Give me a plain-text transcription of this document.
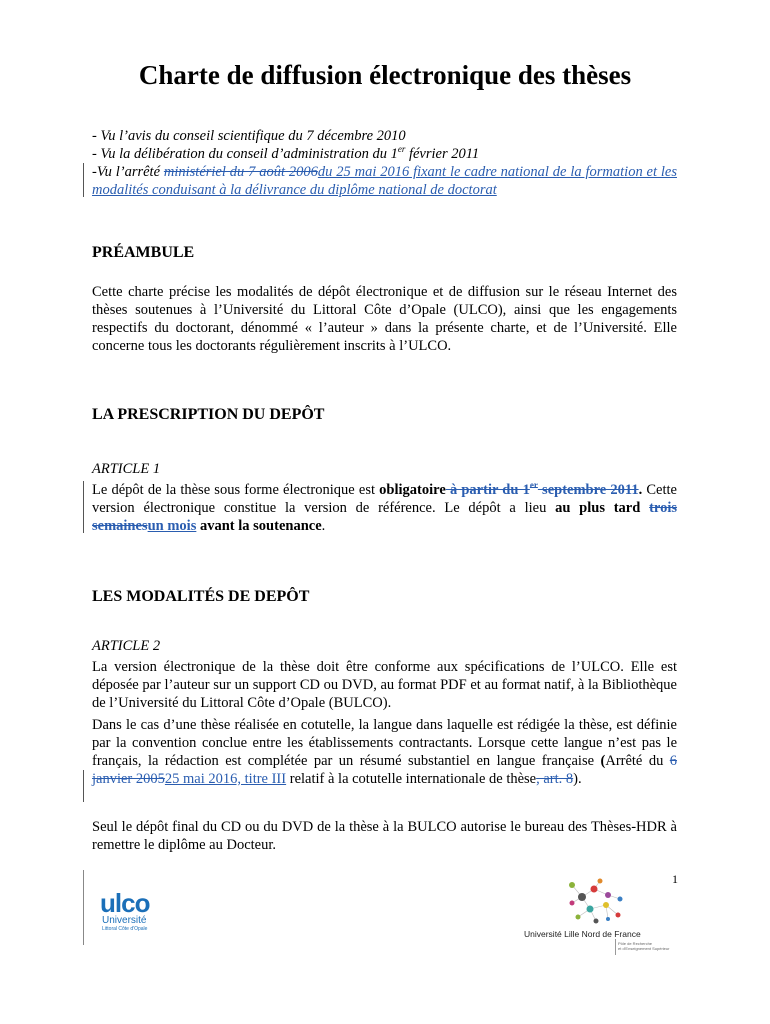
Charte de diffusion électronique des thèses

- Vu l’avis du conseil scientifique du 7 décembre 2010

- Vu la délibération du conseil d’administration du 1er février 2011

-Vu l’arrêté ministériel du 7 août 2006du 25 mai 2016 fixant le cadre national de la formation et les modalités conduisant à la délivrance du diplôme national de doctorat

PRÉAMBULE
Cette charte précise les modalités de dépôt électronique et de diffusion sur le réseau Internet des thèses soutenues à l’Université du Littoral Côte d’Opale (ULCO), ainsi que les engagements respectifs du doctorant, dénommé « l’auteur » dans la présente charte, et de l’Université. Elle concerne tous les doctorants régulièrement inscrits à l’ULCO.
LA PRESCRIPTION DU DEPÔT
ARTICLE 1
Le dépôt de la thèse sous forme électronique est obligatoire à partir du 1er septembre 2011. Cette version électronique constitue la version de référence. Le dépôt a lieu au plus tard trois semainesun mois avant la soutenance.
LES MODALITÉS DE DEPÔT
ARTICLE 2
La version électronique de la thèse doit être conforme aux spécifications de l’ULCO. Elle est déposée par l’auteur sur un support CD ou DVD, au format PDF et au format natif, à la Bibliothèque de l’Université du Littoral Côte d’Opale (BULCO).
Dans le cas d’une thèse réalisée en cotutelle, la langue dans laquelle est rédigée la thèse, est définie par la convention conclue entre les établissements contractants. Lorsque cette langue n’est pas le français, la rédaction est complétée par un résumé substantiel en langue française (Arrêté du 6 janvier 200525 mai 2016, titre III relatif à la cotutelle internationale de thèse, art. 8).
Seul le dépôt final du CD ou du DVD de la thèse à la BULCO autorise le bureau des Thèses-HDR à remettre le diplôme au Docteur.
1
ulco
Université
Littoral Côte d'Opale	Université Lille Nord de France
Pôle de Recherche
et d'Enseignement Supérieur
